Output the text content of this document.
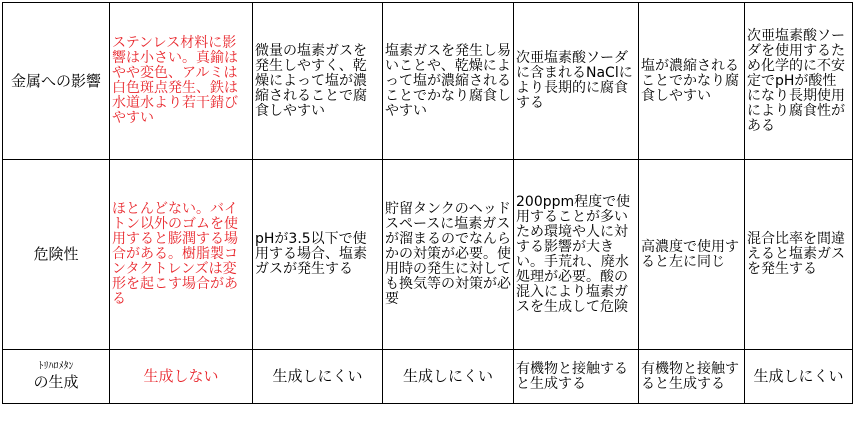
金属への影響	ステンレス材料に影響は小さい。真鍮はやや変色、アルミは白色斑点発生、鉄は水道水より若干錆びやすい	微量の塩素ガスを発生しやすく、乾燥によって塩が濃縮されることで腐食しやすい	塩素ガスを発生し易いことや、乾燥によって塩が濃縮されることでかなり腐食しやすい	次亜塩素酸ソーダに含まれるNaClにより長期的に腐食する	塩が濃縮されることでかなり腐食しやすい	次亜塩素酸ソーダを使用するため化学的に不安定でpHが酸性になり長期使用により腐食性がある
危険性	ほとんどない。バイトン以外のゴムを使用すると膨潤する場合がある。樹脂製コンタクトレンズは変形を起こす場合がある	pHが3.5以下で使用する場合、塩素ガスが発生する	貯留タンクのヘッドスペースに塩素ガスが溜まるのでなんらかの対策が必要。使用時の発生に対しても換気等の対策が必要	200ppm程度で使用することが多いため環境や人に対する影響が大きい。手荒れ、廃水処理が必要。酸の混入により塩素ガスを生成して危険	高濃度で使用すると左に同じ	混合比率を間違えると塩素ガスを発生する

ﾄﾘﾊﾛﾒﾀﾝ
の生成	生成しない	生成しにくい	生成しにくい	有機物と接触すると生成する	有機物と接触すると生成する	生成しにくい
